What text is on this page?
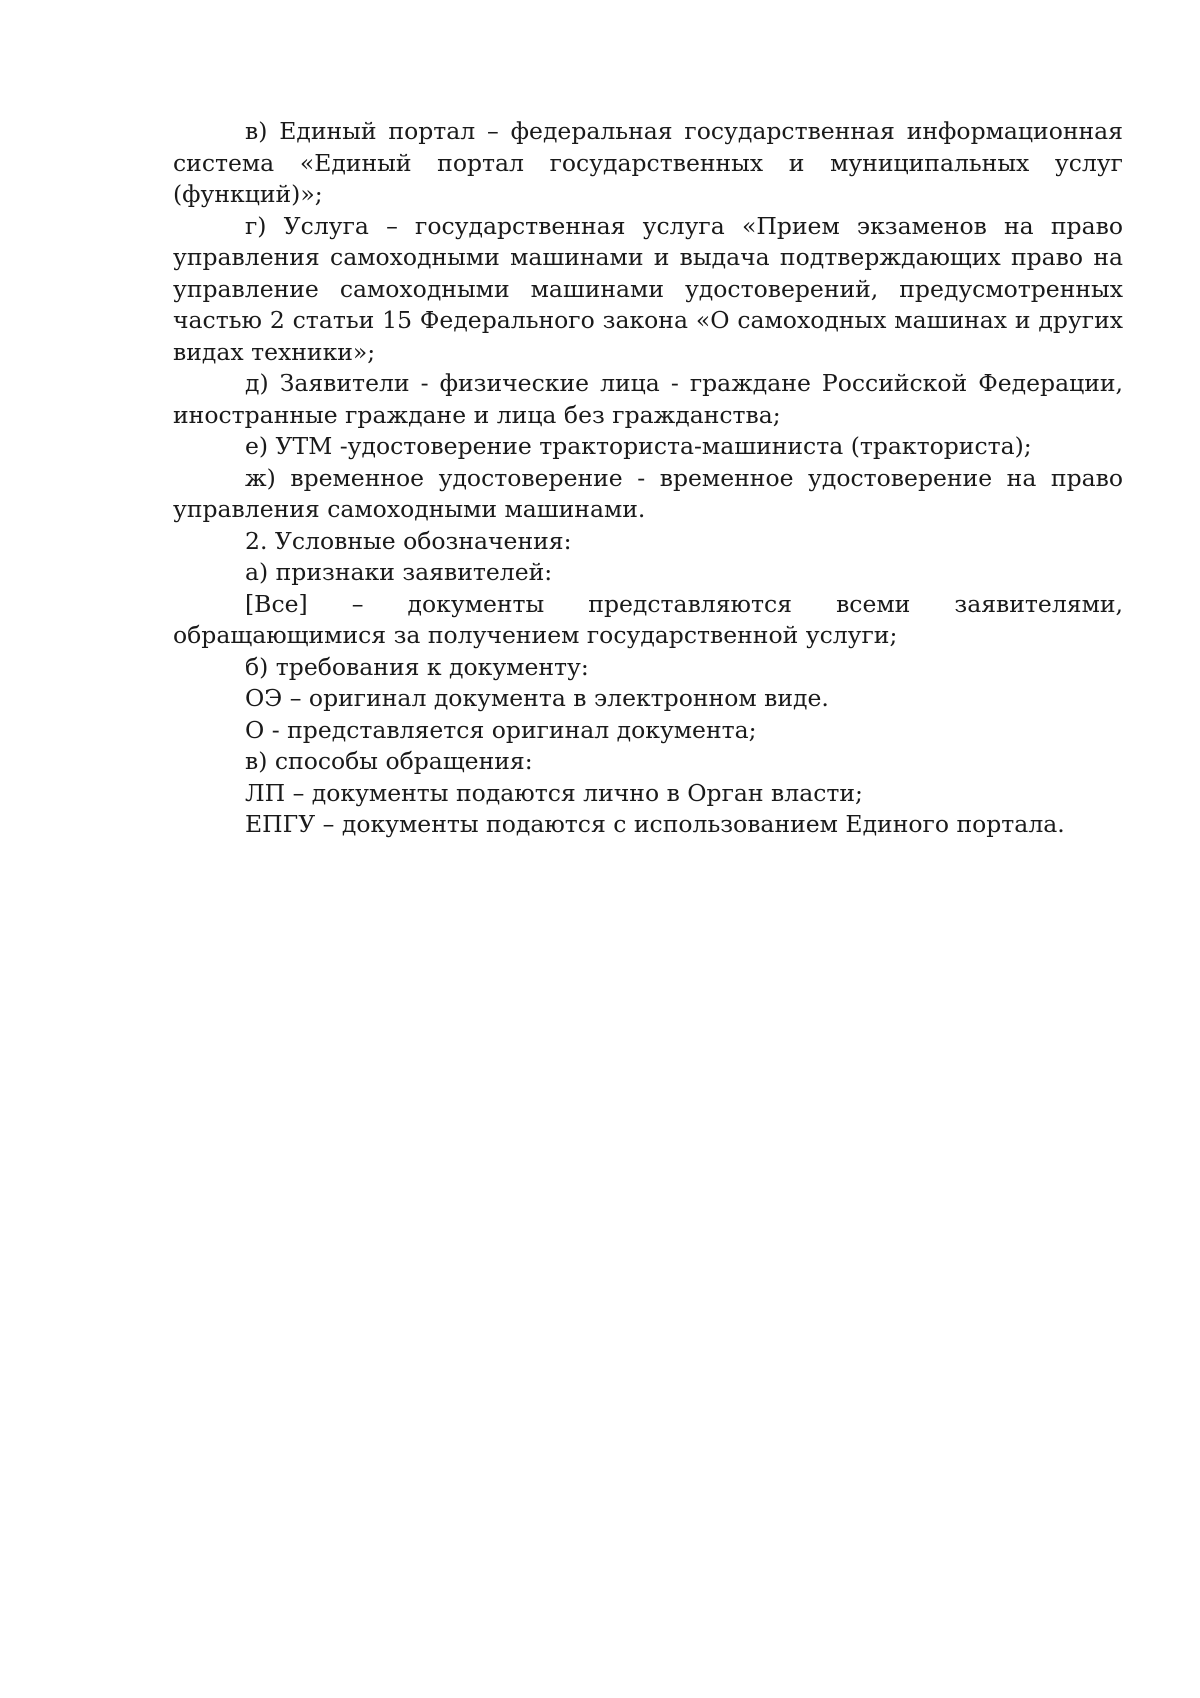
в) Единый портал – федеральная государственная информационная система «Единый портал государственных и муниципальных услуг (функций)»;

г) Услуга – государственная услуга «Прием экзаменов на право управления самоходными машинами и выдача подтверждающих право на управление самоходными машинами удостоверений, предусмотренных частью 2 статьи 15 Федерального закона «О самоходных машинах и других видах техники»;

д) Заявители - физические лица - граждане Российской Федерации, иностранные граждане и лица без гражданства;

е) УТМ -удостоверение тракториста-машиниста (тракториста);

ж) временное удостоверение - временное удостоверение на право управления самоходными машинами.

2. Условные обозначения:

а) признаки заявителей:

[Все] – документы представляются всеми заявителями, обращающимися за получением государственной услуги;

б) требования к документу:

ОЭ – оригинал документа в электронном виде.

О - представляется оригинал документа;

в) способы обращения:

ЛП – документы подаются лично в Орган власти;

ЕПГУ – документы подаются с использованием Единого портала.
